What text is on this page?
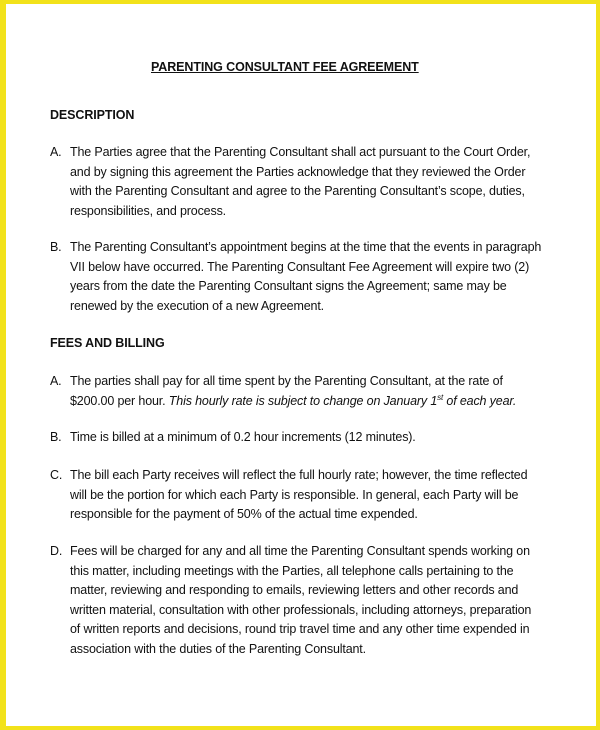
PARENTING CONSULTANT FEE AGREEMENT
DESCRIPTION
A. The Parties agree that the Parenting Consultant shall act pursuant to the Court Order,
and by signing this agreement the Parties acknowledge that they reviewed the Order
with the Parenting Consultant and agree to the Parenting Consultant’s scope, duties,
responsibilities, and process.
B. The Parenting Consultant’s appointment begins at the time that the events in paragraph
VII below have occurred. The Parenting Consultant Fee Agreement will expire two (2)
years from the date the Parenting Consultant signs the Agreement; same may be
renewed by the execution of a new Agreement.
FEES AND BILLING
A. The parties shall pay for all time spent by the Parenting Consultant, at the rate of
$200.00 per hour. This hourly rate is subject to change on January 1st of each year.
B. Time is billed at a minimum of 0.2 hour increments (12 minutes).
C. The bill each Party receives will reflect the full hourly rate; however, the time reflected
will be the portion for which each Party is responsible. In general, each Party will be
responsible for the payment of 50% of the actual time expended.
D. Fees will be charged for any and all time the Parenting Consultant spends working on
this matter, including meetings with the Parties, all telephone calls pertaining to the
matter, reviewing and responding to emails, reviewing letters and other records and
written material, consultation with other professionals, including attorneys, preparation
of written reports and decisions, round trip travel time and any other time expended in
association with the duties of the Parenting Consultant.
